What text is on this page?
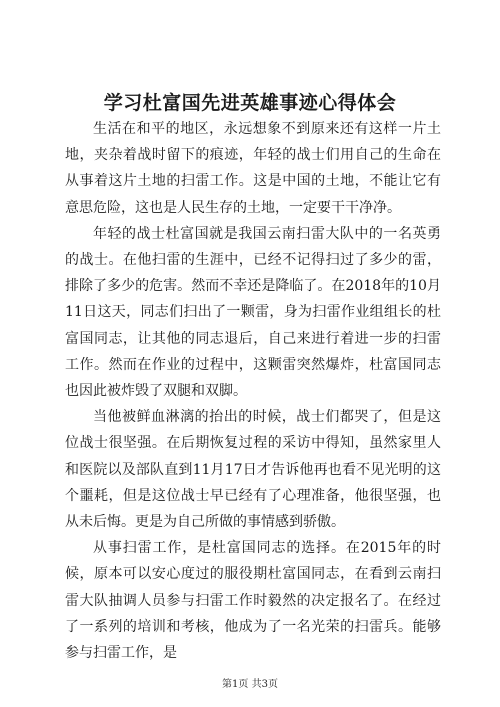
学习杜富国先进英雄事迹心得体会

生活在和平的地区，永远想象不到原来还有这样一片土地，夹杂着战时留下的痕迹，年轻的战士们用自己的生命在从事着这片土地的扫雷工作。这是中国的土地，不能让它有意思危险，这也是人民生存的土地，一定要干干净净。

年轻的战士杜富国就是我国云南扫雷大队中的一名英勇的战士。在他扫雷的生涯中，已经不记得扫过了多少的雷，排除了多少的危害。然而不幸还是降临了。在2018年的10月11日这天，同志们扫出了一颗雷，身为扫雷作业组组长的杜富国同志，让其他的同志退后，自己来进行着进一步的扫雷工作。然而在作业的过程中，这颗雷突然爆炸，杜富国同志也因此被炸毁了双腿和双脚。

当他被鲜血淋漓的抬出的时候，战士们都哭了，但是这位战士很坚强。在后期恢复过程的采访中得知，虽然家里人和医院以及部队直到11月17日才告诉他再也看不见光明的这个噩耗，但是这位战士早已经有了心理准备，他很坚强，也从未后悔。更是为自己所做的事情感到骄傲。

从事扫雷工作，是杜富国同志的选择。在2015年的时候，原本可以安心度过的服役期杜富国同志，在看到云南扫雷大队抽调人员参与扫雷工作时毅然的决定报名了。在经过了一系列的培训和考核，他成为了一名光荣的扫雷兵。能够参与扫雷工作，是

第1页 共3页
